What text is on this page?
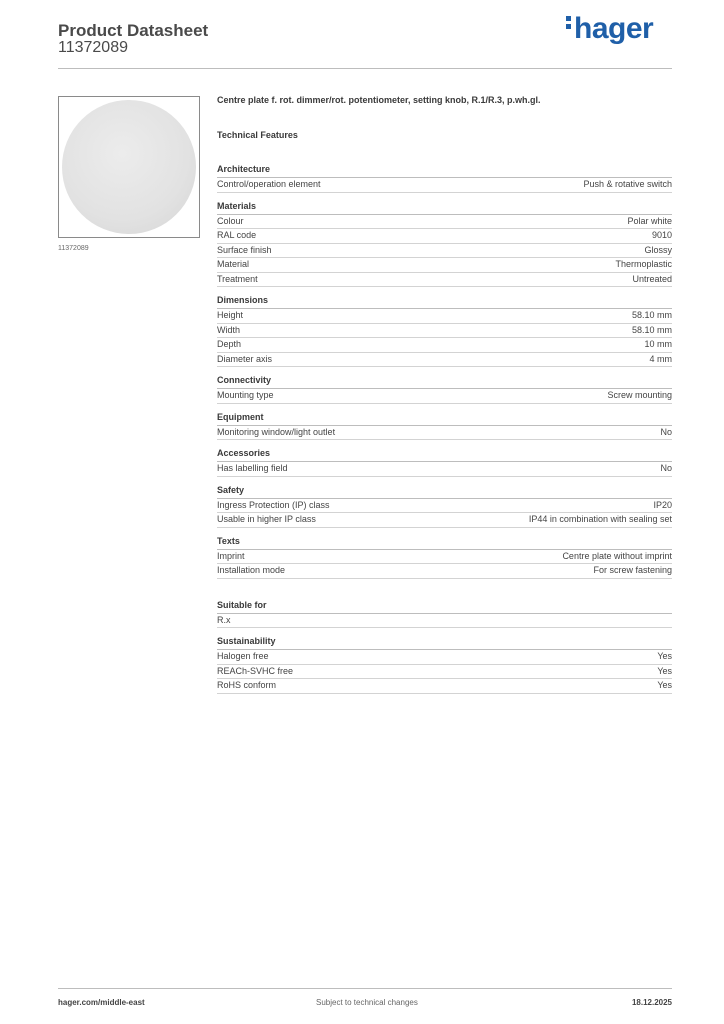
Product Datasheet
11372089
hager
11372089
Centre plate f. rot. dimmer/rot. potentiometer, setting knob, R.1/R.3, p.wh.gl.
Technical Features
Architecture
Control/operation element	Push & rotative switch
Materials
Colour	Polar white
RAL code	9010
Surface finish	Glossy
Material	Thermoplastic
Treatment	Untreated
Dimensions
Height	58.10 mm
Width	58.10 mm
Depth	10 mm
Diameter axis	4 mm
Connectivity
Mounting type	Screw mounting
Equipment
Monitoring window/light outlet	No
Accessories
Has labelling field	No
Safety
Ingress Protection (IP) class	IP20
Usable in higher IP class	IP44 in combination with sealing set
Texts
Imprint	Centre plate without imprint
Installation mode	For screw fastening
Suitable for
R.x
Sustainability
Halogen free	Yes
REACh-SVHC free	Yes
RoHS conform	Yes
hager.com/middle-east	Subject to technical changes	18.12.2025
